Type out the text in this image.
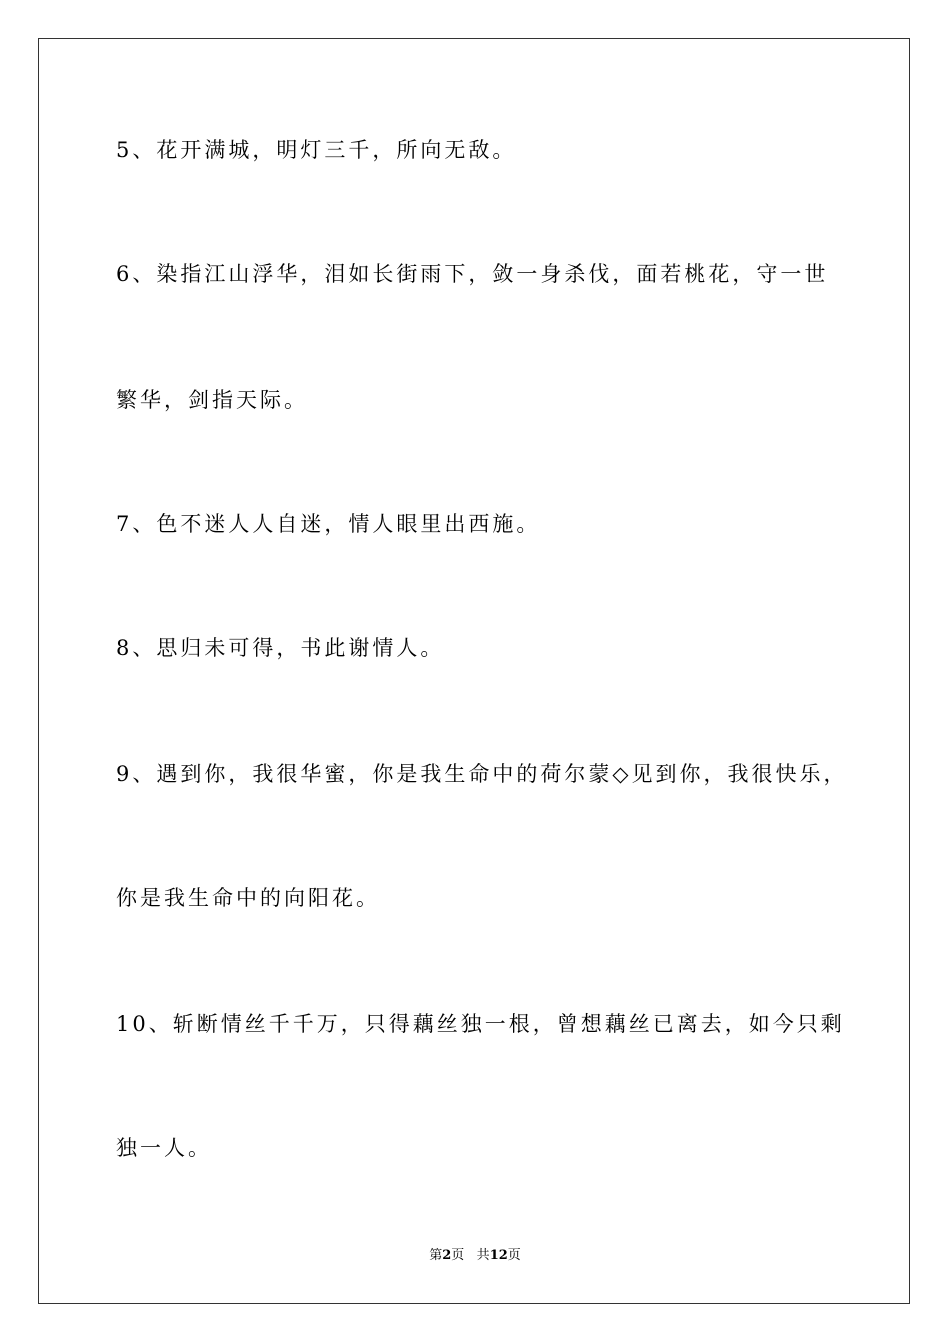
5、花开满城，明灯三千，所向无敌。
6、染指江山浮华，泪如长街雨下，敛一身杀伐，面若桃花，守一世
繁华，剑指天际。
7、色不迷人人自迷，情人眼里出西施。
8、思归未可得，书此谢情人。
9、遇到你，我很华蜜，你是我生命中的荷尔蒙◇见到你，我很快乐，
你是我生命中的向阳花。
10、斩断情丝千千万，只得藕丝独一根，曾想藕丝已离去，如今只剩
独一人。
第2页 共12页
